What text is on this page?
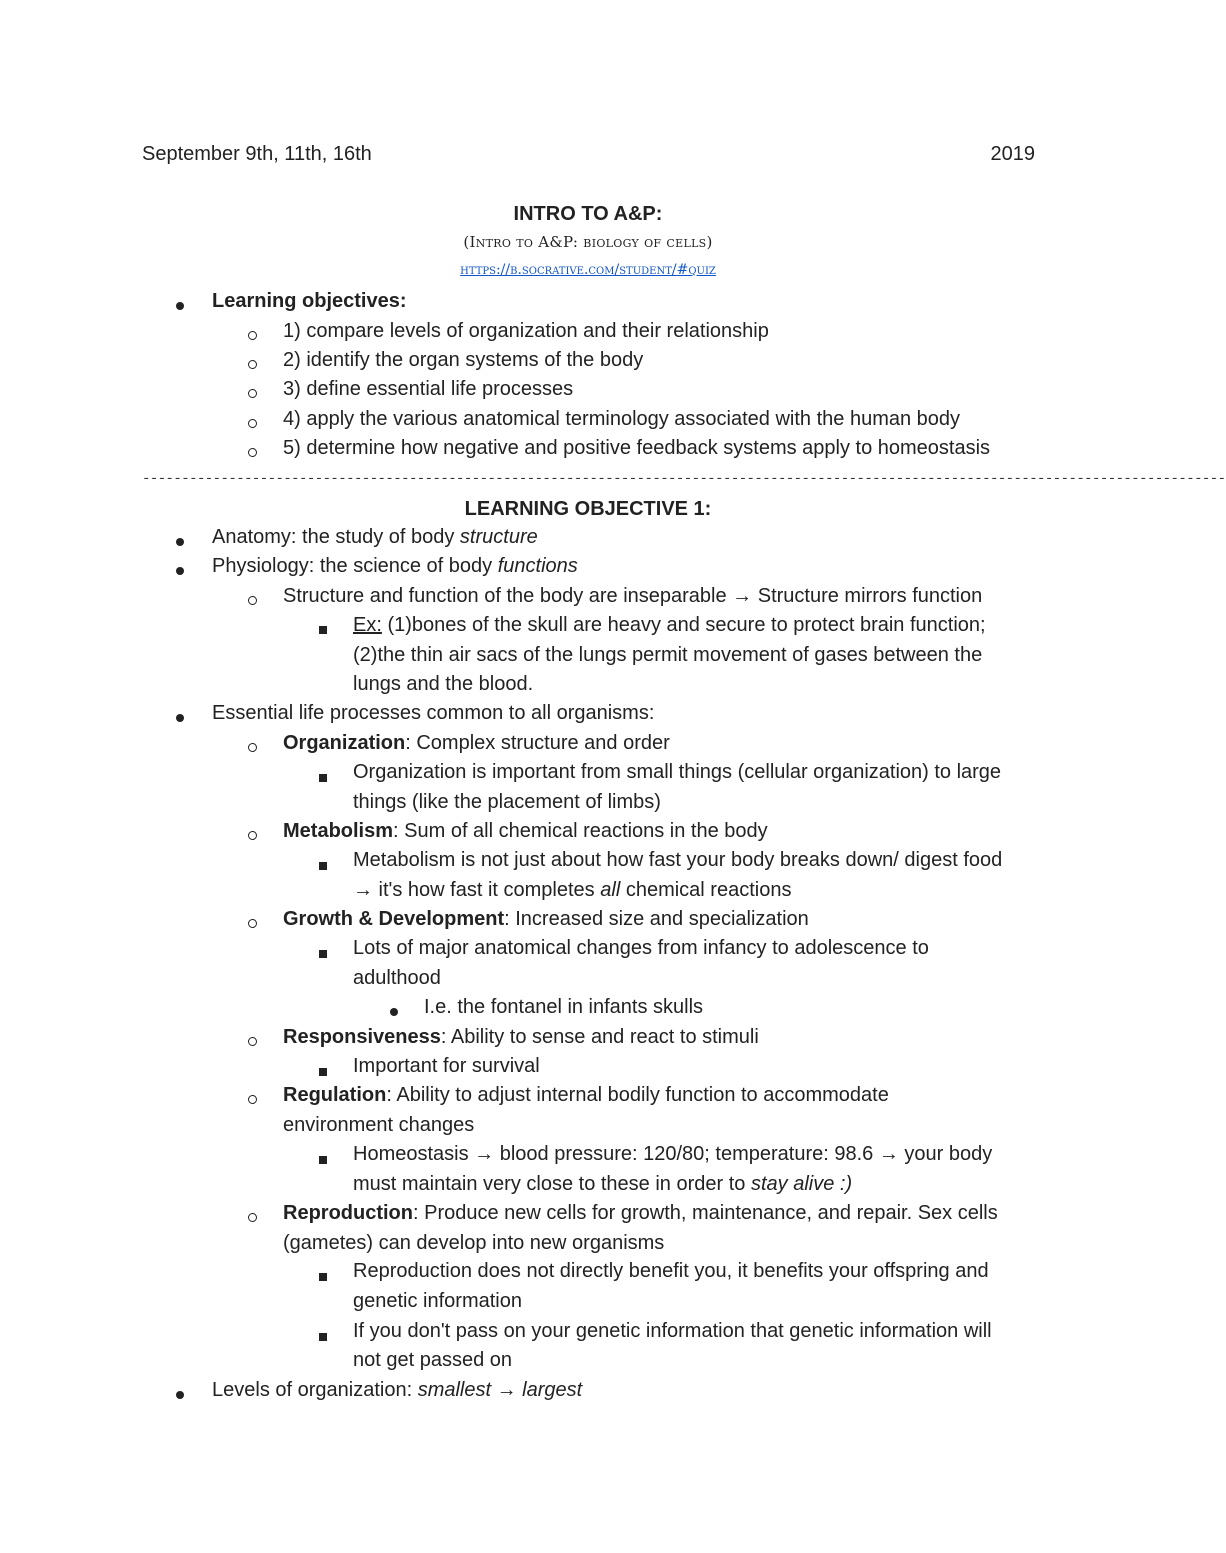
September 9th, 11th, 16th	2019
INTRO TO A&P:
(Intro to A&P: biology of cells)
https://b.socrative.com/student/#quiz
Learning objectives:
1) compare levels of organization and their relationship
2) identify the organ systems of the body
3) define essential life processes
4) apply the various anatomical terminology associated with the human body
5) determine how negative and positive feedback systems apply to homeostasis
------------------------------------------------------------------------------------------------------------------------------------------
LEARNING OBJECTIVE 1:
Anatomy: the study of body structure
Physiology: the science of body functions
Structure and function of the body are inseparable → Structure mirrors function
Ex: (1)bones of the skull are heavy and secure to protect brain function;
(2)the thin air sacs of the lungs permit movement of gases between the
lungs and the blood.
Essential life processes common to all organisms:
Organization: Complex structure and order
Organization is important from small things (cellular organization) to large
things (like the placement of limbs)
Metabolism: Sum of all chemical reactions in the body
Metabolism is not just about how fast your body breaks down/ digest food
→ it's how fast it completes all chemical reactions
Growth & Development: Increased size and specialization
Lots of major anatomical changes from infancy to adolescence to
adulthood
I.e. the fontanel in infants skulls
Responsiveness: Ability to sense and react to stimuli
Important for survival
Regulation: Ability to adjust internal bodily function to accommodate
environment changes
Homeostasis → blood pressure: 120/80; temperature: 98.6 → your body
must maintain very close to these in order to stay alive :)
Reproduction: Produce new cells for growth, maintenance, and repair. Sex cells
(gametes) can develop into new organisms
Reproduction does not directly benefit you, it benefits your offspring and
genetic information
If you don't pass on your genetic information that genetic information will
not get passed on
Levels of organization: smallest → largest
